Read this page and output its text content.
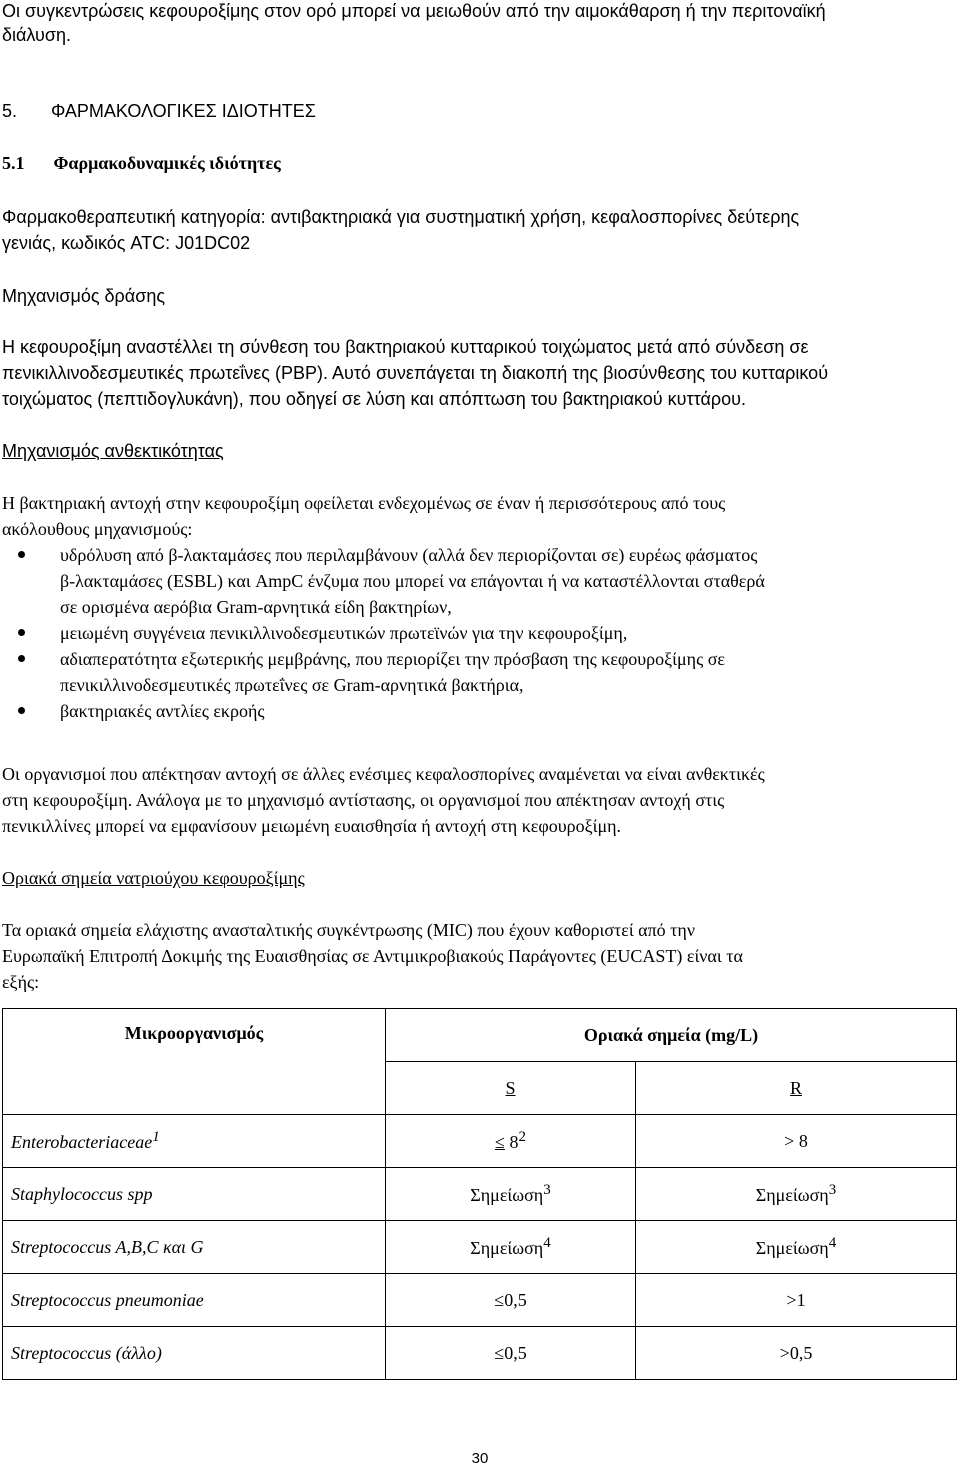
Οι συγκεντρώσεις κεφουροξίμης στον ορό μπορεί να μειωθούν από την αιμοκάθαρση ή την περιτοναϊκή
διάλυση.
5. ΦΑΡΜΑΚΟΛΟΓΙΚΕΣ ΙΔΙΟΤΗΤΕΣ
5.1 Φαρμακοδυναμικές ιδιότητες
Φαρμακοθεραπευτική κατηγορία: αντιβακτηριακά για συστηματική χρήση, κεφαλοσπορίνες δεύτερης
γενιάς, κωδικός ATC: J01DC02
Μηχανισμός δράσης
Η κεφουροξίμη αναστέλλει τη σύνθεση του βακτηριακού κυτταρικού τοιχώματος μετά από σύνδεση σε
πενικιλλινοδεσμευτικές πρωτεΐνες (PBP). Αυτό συνεπάγεται τη διακοπή της βιοσύνθεσης του κυτταρικού
τοιχώματος (πεπτιδογλυκάνη), που οδηγεί σε λύση και απόπτωση του βακτηριακού κυττάρου.
Μηχανισμός ανθεκτικότητας
Η βακτηριακή αντοχή στην κεφουροξίμη οφείλεται ενδεχομένως σε έναν ή περισσότερους από τους
ακόλουθους μηχανισμούς:
υδρόλυση από β-λακταμάσες που περιλαμβάνουν (αλλά δεν περιορίζονται σε) ευρέως φάσματος
β-λακταμάσες (ESBL) και AmpC ένζυμα που μπορεί να επάγονται ή να καταστέλλονται σταθερά
σε ορισμένα αερόβια Gram-αρνητικά είδη βακτηρίων,
μειωμένη συγγένεια πενικιλλινοδεσμευτικών πρωτεϊνών για την κεφουροξίμη,
αδιαπερατότητα εξωτερικής μεμβράνης, που περιορίζει την πρόσβαση της κεφουροξίμης σε
πενικιλλινοδεσμευτικές πρωτεΐνες σε Gram-αρνητικά βακτήρια,
βακτηριακές αντλίες εκροής
Οι οργανισμοί που απέκτησαν αντοχή σε άλλες ενέσιμες κεφαλοσπορίνες αναμένεται να είναι ανθεκτικές
στη κεφουροξίμη. Ανάλογα με το μηχανισμό αντίστασης, οι οργανισμοί που απέκτησαν αντοχή στις
πενικιλλίνες μπορεί να εμφανίσουν μειωμένη ευαισθησία ή αντοχή στη κεφουροξίμη.
Οριακά σημεία νατριούχου κεφουροξίμης
Τα οριακά σημεία ελάχιστης ανασταλτικής συγκέντρωσης (MIC) που έχουν καθοριστεί από την
Ευρωπαϊκή Επιτροπή Δοκιμής της Ευαισθησίας σε Αντιμικροβιακούς Παράγοντες (EUCAST) είναι τα
εξής:
Μικροοργανισμός	Οριακά σημεία (mg/L)	
	S	R
Enterobacteriaceae$^1$	≤ $8^2$	> 8
Staphylococcus spp	Σημείωση$^3$	Σημείωση$^3$
Streptococcus A,B,C και G	Σημείωση$^4$	Σημείωση$^4$
Streptococcus pneumoniae	≤0,5	>1
Streptococcus (άλλο)	≤0,5	>0,5
30
